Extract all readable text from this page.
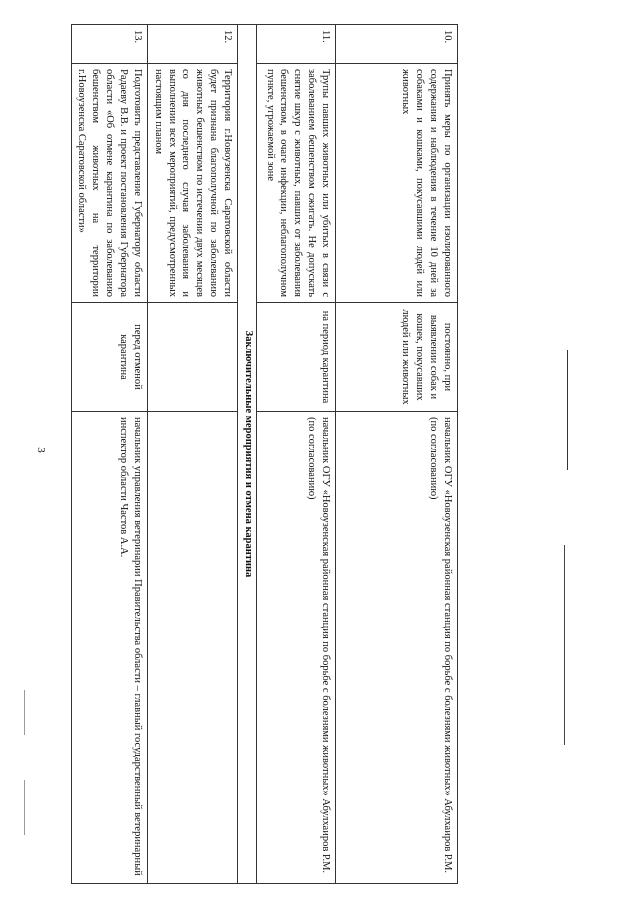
3
10.	Принять меры по организации изолированного содержания и наблюдения в течение 10 дней за собаками и кошками, покусавшими людей или животных	постоянно, при выявлении собак и кошек, покусавших людей или животных	начальник ОГУ «Новоузенская районная станция по борьбе с болезнями животных» Абулхаиров Р.М. (по согласованию)
11.	Трупы павших животных или убитых в связи с заболеванием бешенством сжигать. Не допускать снятие шкур с животных, павших от заболевания бешенством, в очаге инфекции, неблагополучном пункте, угрожаемой зоне	на период карантина	начальник ОГУ «Новоузенская районная станция по борьбе с болезнями животных» Абулхаиров Р.М. (по согласованию)
Заключительные мероприятия и отмена карантина			
12.	Территория г.Новоузенска Саратовской области будет признана благополучной по заболеванию животных бешенством по истечении двух месяцев со дня последнего случая заболевания и выполнении всех мероприятий, предусмотренных настоящим планом		
13.	Подготовить представление Губернатору области Радаеву В.В. и проект постановления Губернатора области «Об отмене карантина по заболеванию бешенством животных на территории г.Новоузенска Саратовской области»	перед отменой карантина	начальник управления ветеринарии Правительства области – главный государственный ветеринарный инспектор области Частов А.А.
